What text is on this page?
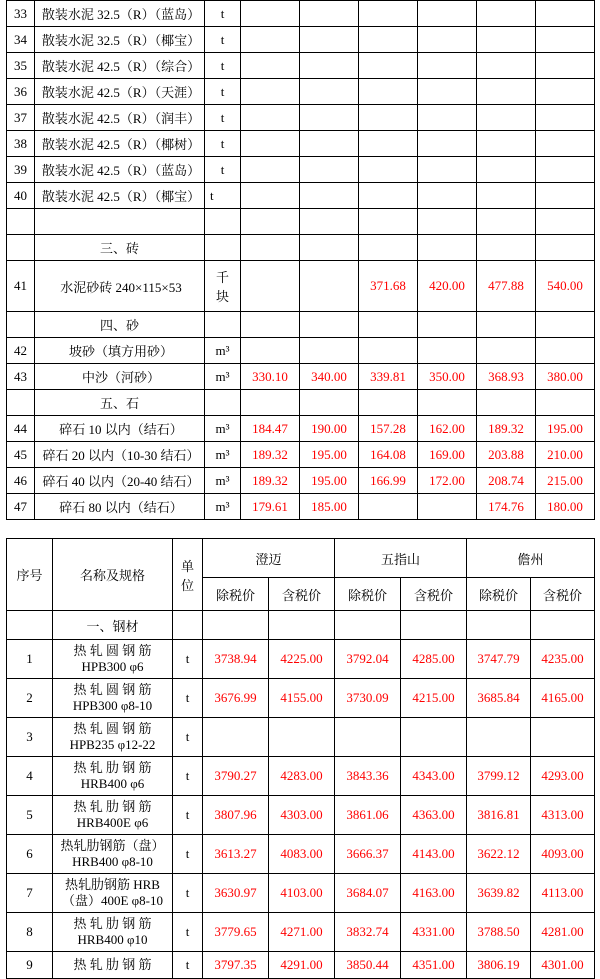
33	散装水泥 32.5（R）（蓝岛）	t						
34	散装水泥 32.5（R）（椰宝）	t						
35	散装水泥 42.5（R）（综合）	t						
36	散装水泥 42.5（R）（天涯）	t						
37	散装水泥 42.5（R）（润丰）	t						
38	散装水泥 42.5（R）（椰树）	t						
39	散装水泥 42.5（R）（蓝岛）	t						
40	散装水泥 42.5（R）（椰宝）	t						

	三、砖							
41	水泥砂砖 240×115×53	千 块			371.68	420.00	477.88	540.00
	四、砂							
42	坡砂（填方用砂）	m³						
43	中沙（河砂）	m³	330.10	340.00	339.81	350.00	368.93	380.00
	五、石							
44	碎石 10 以内（结石）	m³	184.47	190.00	157.28	162.00	189.32	195.00
45	碎石 20 以内（10-30 结石）	m³	189.32	195.00	164.08	169.00	203.88	210.00
46	碎石 40 以内（20-40 结石）	m³	189.32	195.00	166.99	172.00	208.74	215.00
47	碎石 80 以内（结石）	m³	179.61	185.00			174.76	180.00
序号	名称及规格	单 位	澄迈		五指山		儋州	
			除税价	含税价	除税价	含税价	除税价	含税价
	一、钢材							
1	热 轧 圆 钢 筋
HPB300 φ6	t	3738.94	4225.00	3792.04	4285.00	3747.79	4235.00
2	热 轧 圆 钢 筋
HPB300 φ8-10	t	3676.99	4155.00	3730.09	4215.00	3685.84	4165.00
3	热 轧 圆 钢 筋
HPB235 φ12-22	t						
4	热 轧 肋 钢 筋
HRB400 φ6	t	3790.27	4283.00	3843.36	4343.00	3799.12	4293.00
5	热 轧 肋 钢 筋
HRB400E φ6	t	3807.96	4303.00	3861.06	4363.00	3816.81	4313.00
6	热轧肋钢筋（盘）
HRB400 φ8-10	t	3613.27	4083.00	3666.37	4143.00	3622.12	4093.00
7	热轧肋钢筋 HRB
（盘）400E φ8-10	t	3630.97	4103.00	3684.07	4163.00	3639.82	4113.00
8	热 轧 肋 钢 筋
HRB400 φ10	t	3779.65	4271.00	3832.74	4331.00	3788.50	4281.00
9	热 轧 肋 钢 筋	t	3797.35	4291.00	3850.44	4351.00	3806.19	4301.00
